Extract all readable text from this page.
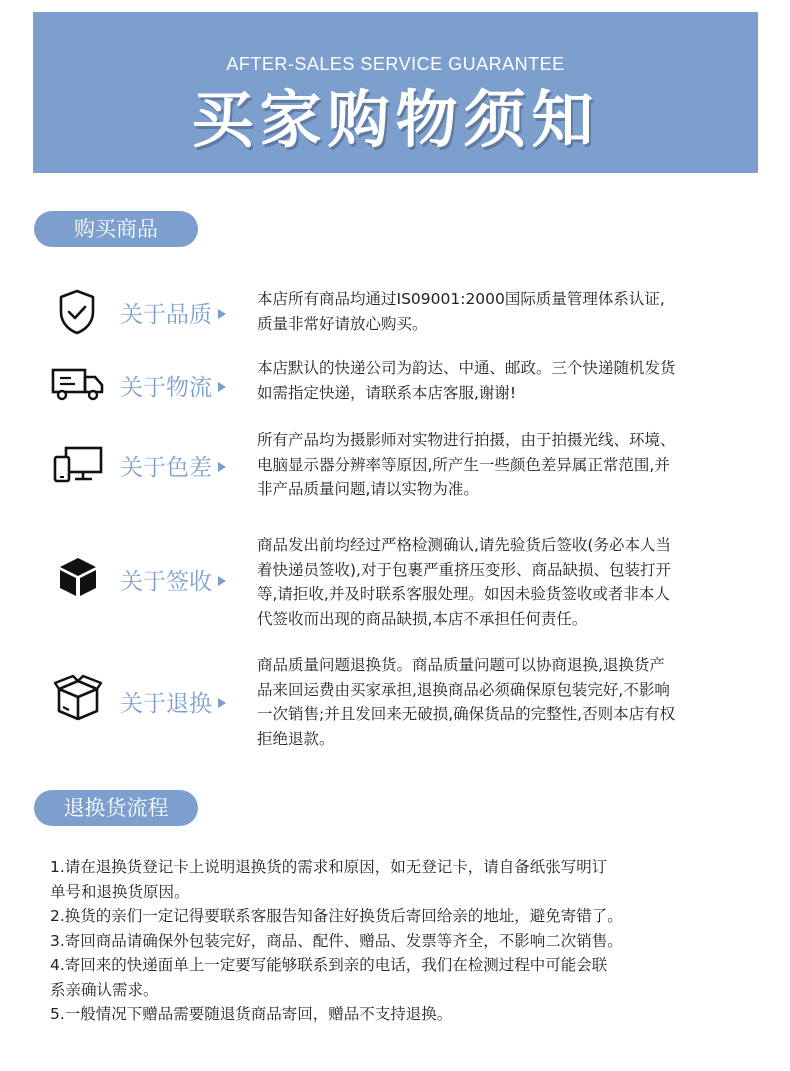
AFTER-SALES SERVICE GUARANTEE
买家购物须知
购买商品
关于品质
本店所有商品均通过IS09001:2000国际质量管理体系认证,
质量非常好请放心购买。
关于物流
本店默认的快递公司为韵达、中通、邮政。三个快递随机发货
如需指定快递，请联系本店客服,谢谢!
关于色差
所有产品均为摄影师对实物进行拍摄，由于拍摄光线、环境、
电脑显示器分辨率等原因,所产生一些颜色差异属正常范围,并
非产品质量问题,请以实物为准。
关于签收
商品发出前均经过严格检测确认,请先验货后签收(务必本人当
着快递员签收),对于包裹严重挤压变形、商品缺损、包装打开
等,请拒收,并及时联系客服处理。如因未验货签收或者非本人
代签收而出现的商品缺损,本店不承担任何责任。
关于退换
商品质量问题退换货。商品质量问题可以协商退换,退换货产
品来回运费由买家承担,退换商品必须确保原包装完好,不影响
一次销售;并且发回来无破损,确保货品的完整性,否则本店有权
拒绝退款。
退换货流程

1.请在退换货登记卡上说明退换货的需求和原因，如无登记卡，请自备纸张写明订

单号和退换货原因。

2.换货的亲们一定记得要联系客服告知备注好换货后寄回给亲的地址，避免寄错了。

3.寄回商品请确保外包装完好，商品、配件、赠品、发票等齐全，不影响二次销售。

4.寄回来的快递面单上一定要写能够联系到亲的电话，我们在检测过程中可能会联

系亲确认需求。

5.一般情况下赠品需要随退货商品寄回，赠品不支持退换。
